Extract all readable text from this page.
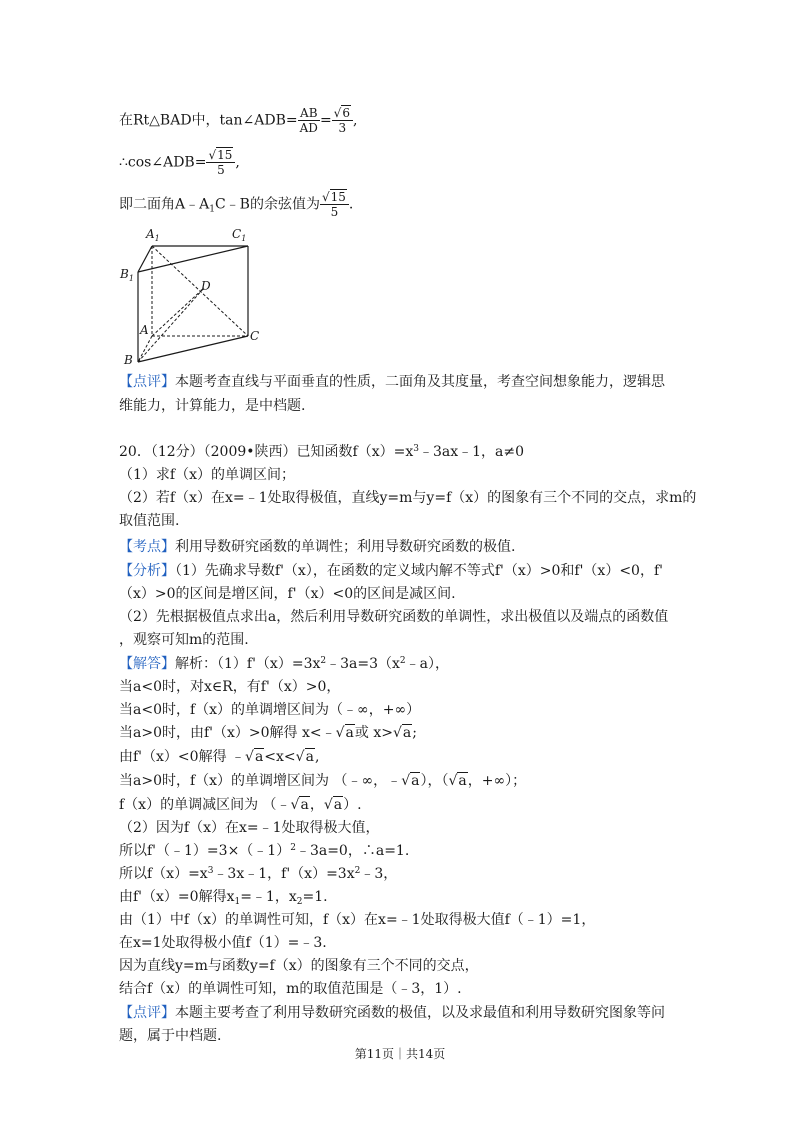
在Rt△BAD中，tan∠ADB= $\frac{AB}{AD} = \frac{√6}{3}$ ,
∴cos∠ADB= $\frac{√15}{5}$ ,
即二面角$A﹣A_1C﹣B$的余弦值为 $\frac{√15}{5}$ .
$A_1$	$C_1$
$B_1$
D
A	C
B
【点评】本题考查直线与平面垂直的性质，二面角及其度量，考查空间想象能力，逻辑思
维能力，计算能力，是中档题.
20．（12分）（2009•陕西）已知函数$f(x)=x^3﹣3ax﹣1$，a≠0
（1）求f（x）的单调区间；
（2）若f（x）在x=﹣1处取得极值，直线y=m与y=f（x）的图象有三个不同的交点，求m的
取值范围.
【考点】利用导数研究函数的单调性；利用导数研究函数的极值.
【分析】（1）先确求导数f'（x），在函数的定义域内解不等式f'（x）>0和f'（x）<0，f'
（x）>0的区间是增区间，f'（x）<0的区间是减区间.
（2）先根据极值点求出a，然后利用导数研究函数的单调性，求出极值以及端点的函数值
，观察可知m的范围.
【解答】解析：$(1)f'(x)=3x^2﹣3a=3(x^2﹣a)$，
当a<0时，对x∈R，有f'（x）>0，
当a<0时，f（x）的单调增区间为（﹣∞，+∞）
当a>0时，由f'（x）>0解得 x<﹣√a或 x>√a;
由f'（x）<0解得 ﹣√a<x<√a,
当a>0时，f（x）的单调增区间为 （﹣∞，﹣√a），（√a，+∞）；
f（x）的单调减区间为 （﹣√a，√a）.
（2）因为f（x）在x=﹣1处取得极大值，
所以f'（﹣1）=3×（﹣1）$^2$﹣3a=0，∴a=1.
所以$f(x)=x^3﹣3x﹣1$，$f'(x)=3x^2﹣3$，
由f'（x）=0解得$x_1=﹣1$，$x_2=1$.
由（1）中f（x）的单调性可知，f（x）在x=﹣1处取得极大值f（﹣1）=1，
在x=1处取得极小值f（1）=﹣3.
因为直线y=m与函数y=f（x）的图象有三个不同的交点，
结合f（x）的单调性可知，m的取值范围是（﹣3，1）.
【点评】本题主要考查了利用导数研究函数的极值，以及求最值和利用导数研究图象等问
题，属于中档题.
第11页｜共14页
